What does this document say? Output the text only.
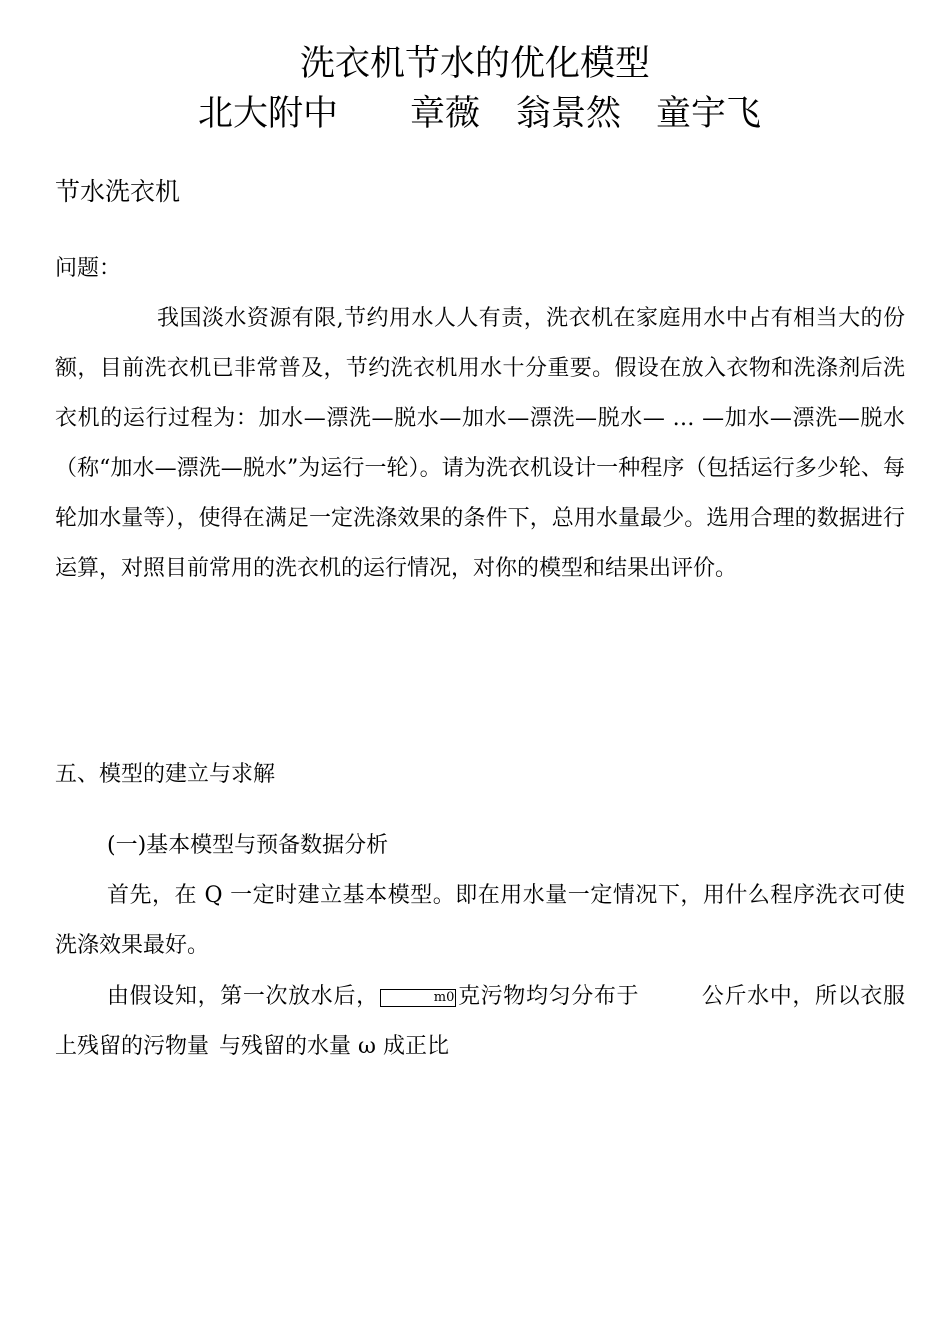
洗衣机节水的优化模型
北大附中 章薇 翁景然 童宇飞
节水洗衣机
问题：
我国淡水资源有限,节约用水人人有责，洗衣机在家庭用水中占有相当大的份额，目前洗衣机已非常普及，节约洗衣机用水十分重要。假设在放入衣物和洗涤剂后洗衣机的运行过程为：加水—漂洗—脱水—加水—漂洗—脱水— … —加水—漂洗—脱水（称“加水—漂洗—脱水”为运行一轮）。请为洗衣机设计一种程序（包括运行多少轮、每轮加水量等），使得在满足一定洗涤效果的条件下，总用水量最少。选用合理的数据进行运算，对照目前常用的洗衣机的运行情况，对你的模型和结果出评价。
五、模型的建立与求解
(一)基本模型与预备数据分析
首先，在 Q 一定时建立基本模型。即在用水量一定情况下，用什么程序洗衣可使洗涤效果最好。
由假设知，第一次放水后，	m0 克污物均匀分布于	公斤水中，所以衣服上残留的污物量 与残留的水量 ω 成正比
